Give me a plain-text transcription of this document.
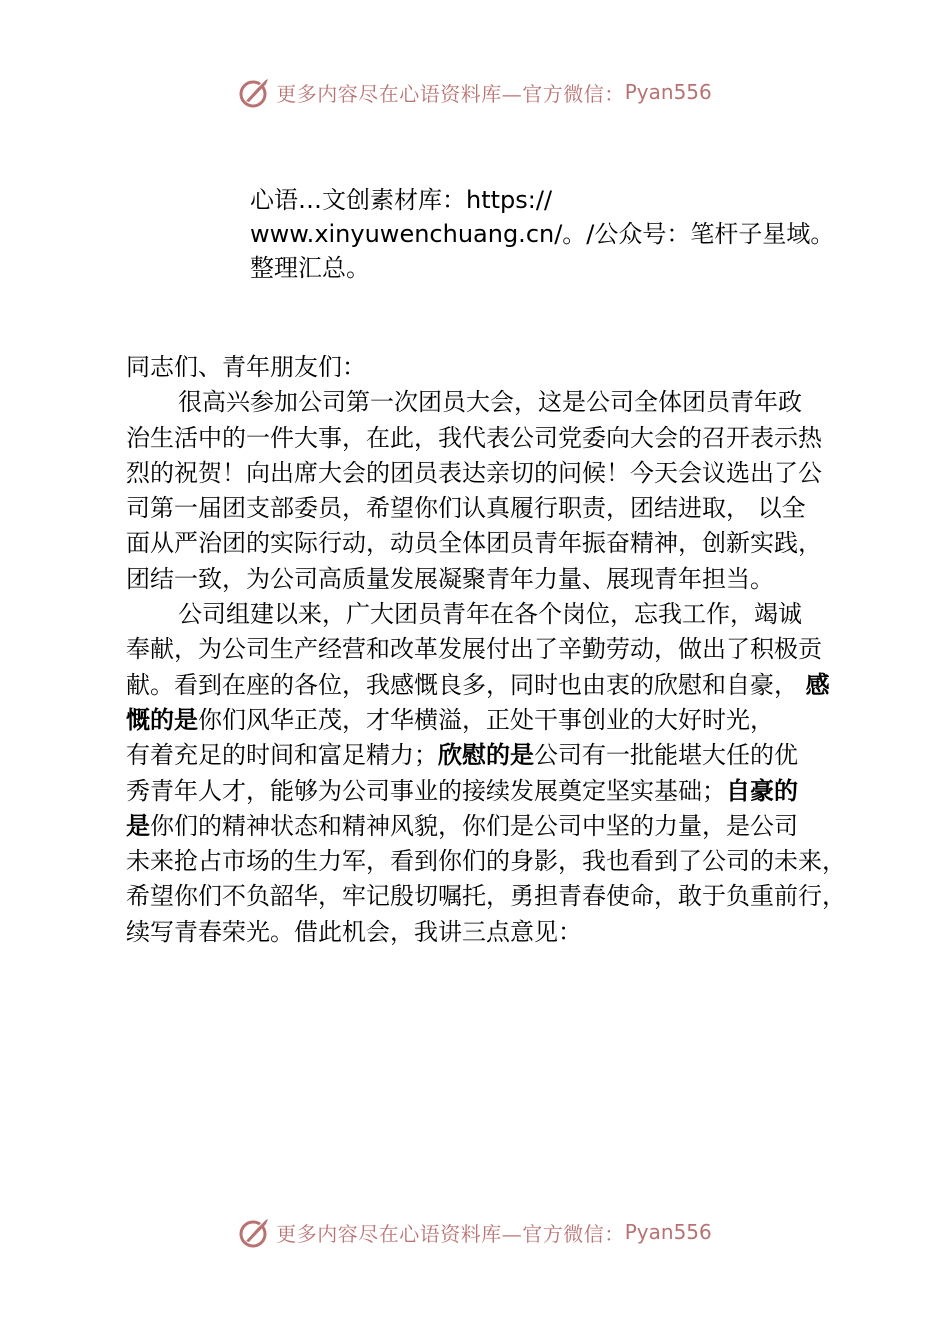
更多内容尽在心语资料库—官方微信： Pyan556
心语…文创素材库：https://
www.xinyuwenchuang.cn/。/公众号：笔杆子星域。
整理汇总。
同志们、青年朋友们：
很高兴参加公司第一次团员大会，这是公司全体团员青年政
治生活中的一件大事，在此，我代表公司党委向大会的召开表示热
烈的祝贺！向出席大会的团员表达亲切的问候！今天会议选出了公
司第一届团支部委员，希望你们认真履行职责，团结进取， 以全
面从严治团的实际行动，动员全体团员青年振奋精神，创新实践，
团结一致，为公司高质量发展凝聚青年力量、展现青年担当。
公司组建以来，广大团员青年在各个岗位，忘我工作，竭诚
奉献，为公司生产经营和改革发展付出了辛勤劳动，做出了积极贡
献。看到在座的各位，我感慨良多，同时也由衷的欣慰和自豪， 感
慨的是你们风华正茂，才华横溢，正处干事创业的大好时光，
有着充足的时间和富足精力；欣慰的是公司有一批能堪大任的优
秀青年人才，能够为公司事业的接续发展奠定坚实基础；自豪的
是你们的精神状态和精神风貌，你们是公司中坚的力量，是公司
未来抢占市场的生力军，看到你们的身影，我也看到了公司的未来，
希望你们不负韶华，牢记殷切嘱托，勇担青春使命，敢于负重前行，
续写青春荣光。借此机会，我讲三点意见：
更多内容尽在心语资料库—官方微信： Pyan556
